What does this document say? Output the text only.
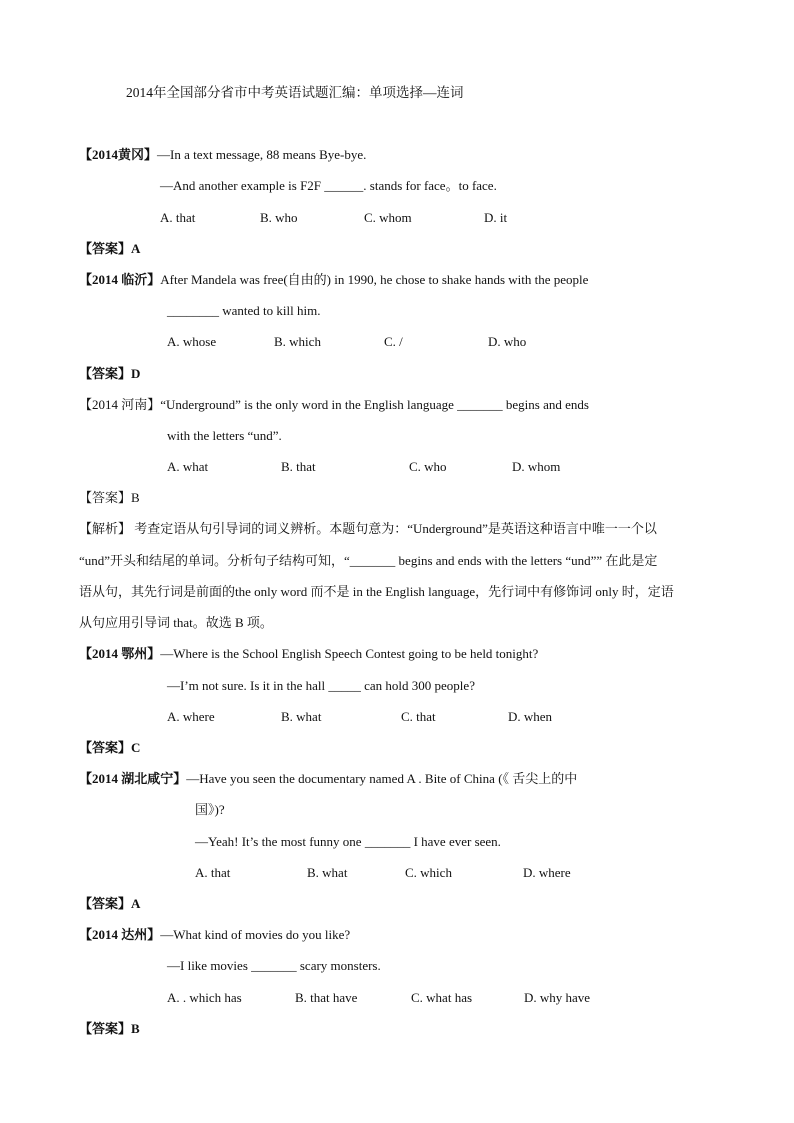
2014年全国部分省市中考英语试题汇编：单项选择—连词
【2014黄冈】—In a text message, 88 means Bye-bye.
—And another example is F2F ______. stands for face。to face.
A. that	B. who	C. whom	D. it
【答案】A
【2014 临沂】After Mandela was free(自由的) in 1990, he chose to shake hands with the people
________ wanted to kill him.
A. whose	B. which	C. /	D. who
【答案】D
【2014 河南】“Underground” is the only word in the English language _______ begins and ends
with the letters “und”.
A. what	B. that	C. who	D. whom
【答案】B
【解析】 考查定语从句引导词的词义辨析。本题句意为：“Underground”是英语这种语言中唯一一个以
“und”开头和结尾的单词。分析句子结构可知，“_______ begins and ends with the letters “und”” 在此是定
语从句，其先行词是前面的the only word 而不是 in the English language，先行词中有修饰词 only 时，定语
从句应用引导词 that。故选 B 项。
【2014 鄂州】—Where is the School English Speech Contest going to be held tonight?
—I’m not sure. Is it in the hall _____ can hold 300 people?
A. where	B. what	C. that	D. when
【答案】C
【2014 湖北咸宁】—Have you seen the documentary named A . Bite of China (《 舌尖上的中
国》)?
—Yeah! It’s the most funny one _______ I have ever seen.
A. that	B. what	C. which	D. where
【答案】A
【2014 达州】—What kind of movies do you like?
—I like movies _______ scary monsters.
A. . which has	B. that have	C. what has	D. why have
【答案】B
